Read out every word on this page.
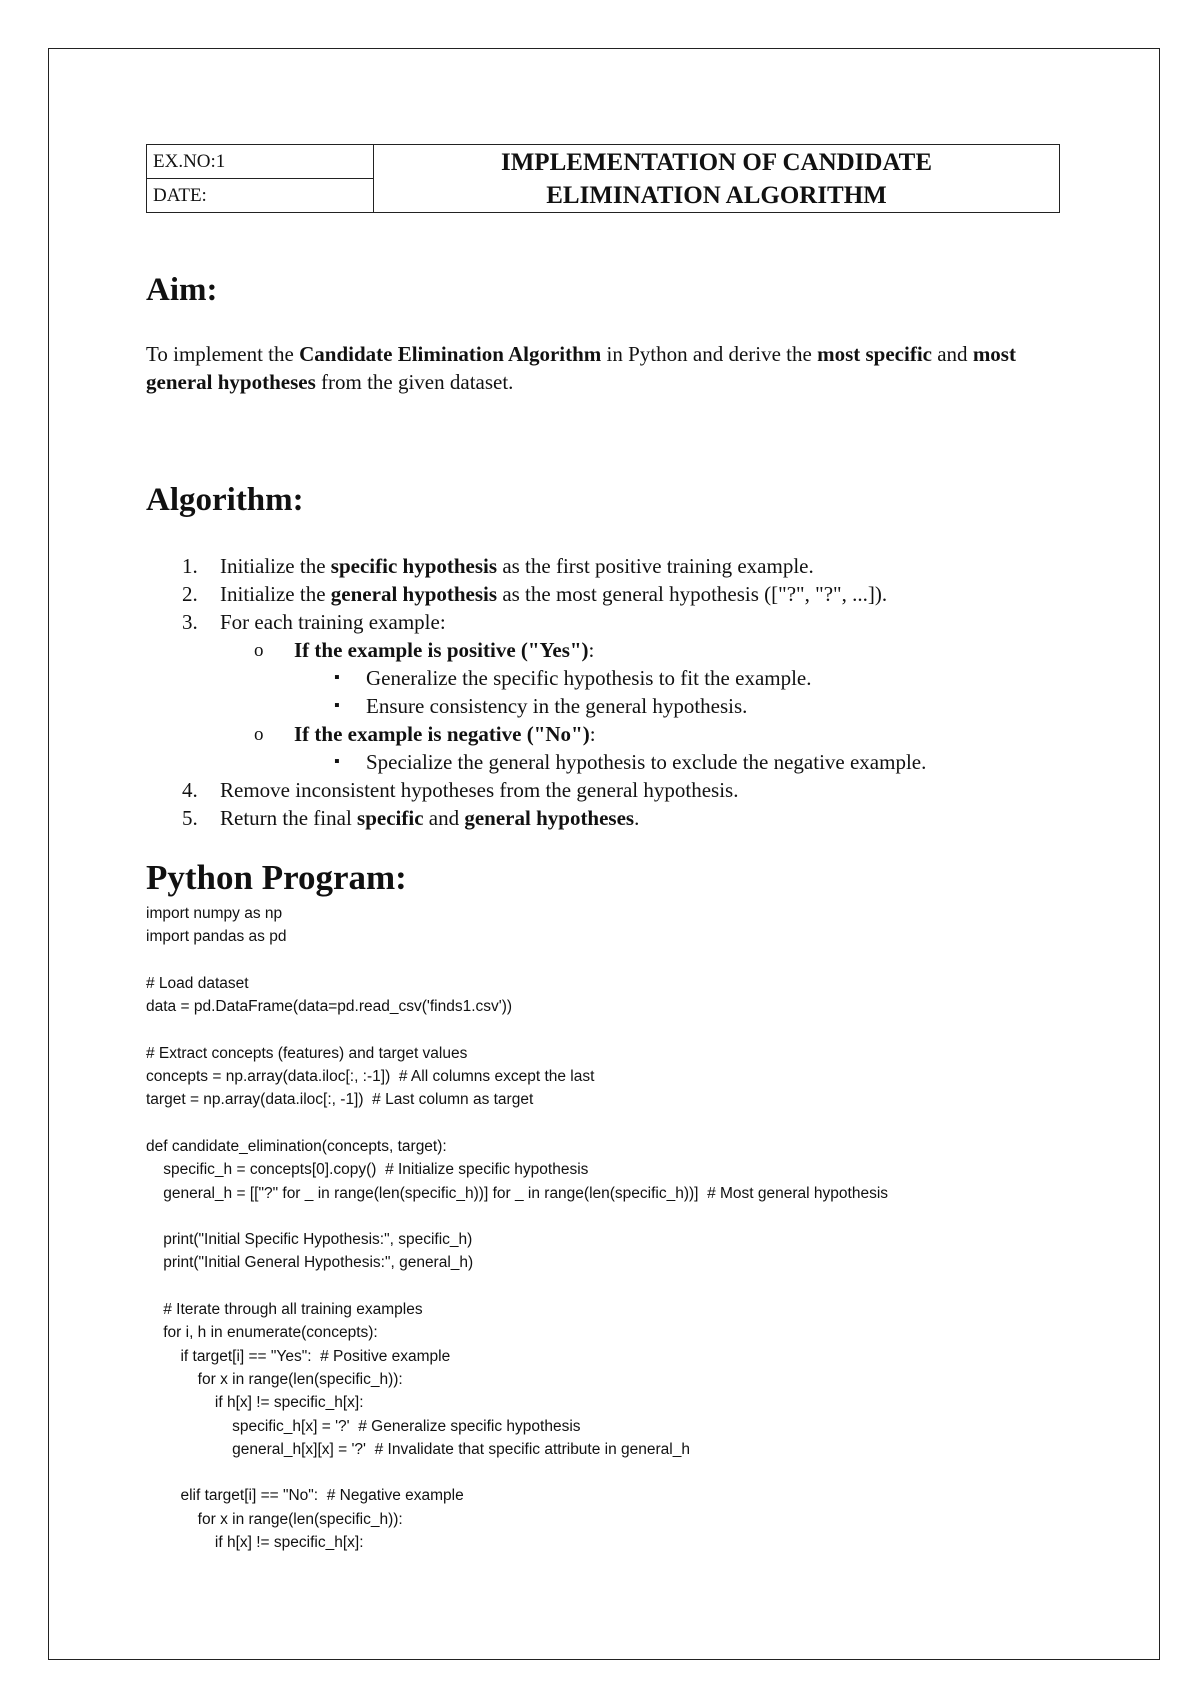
EX.NO:1	IMPLEMENTATION OF CANDIDATE
ELIMINATION ALGORITHM

DATE:
Aim:

To implement the Candidate Elimination Algorithm in Python and derive the most specific and most general hypotheses from the given dataset.

Algorithm:
1. Initialize the specific hypothesis as the first positive training example.
2. Initialize the general hypothesis as the most general hypothesis (["?", "?", ...]).
3. For each training example:
o If the example is positive ("Yes"):
▪ Generalize the specific hypothesis to fit the example.
▪ Ensure consistency in the general hypothesis.
o If the example is negative ("No"):
▪ Specialize the general hypothesis to exclude the negative example.
4. Remove inconsistent hypotheses from the general hypothesis.
5. Return the final specific and general hypotheses.
Python Program:
import numpy as np
import pandas as pd
# Load dataset
data = pd.DataFrame(data=pd.read_csv('finds1.csv'))
# Extract concepts (features) and target values
concepts = np.array(data.iloc[:, :-1])  # All columns except the last
target = np.array(data.iloc[:, -1])  # Last column as target
def candidate_elimination(concepts, target):
specific_h = concepts[0].copy()  # Initialize specific hypothesis
general_h = [["?" for _ in range(len(specific_h))] for _ in range(len(specific_h))]  # Most general hypothesis
print("Initial Specific Hypothesis:", specific_h)
print("Initial General Hypothesis:", general_h)
# Iterate through all training examples
for i, h in enumerate(concepts):
if target[i] == "Yes":  # Positive example
for x in range(len(specific_h)):
if h[x] != specific_h[x]:
specific_h[x] = '?'  # Generalize specific hypothesis
general_h[x][x] = '?'  # Invalidate that specific attribute in general_h
elif target[i] == "No":  # Negative example
for x in range(len(specific_h)):
if h[x] != specific_h[x]:
